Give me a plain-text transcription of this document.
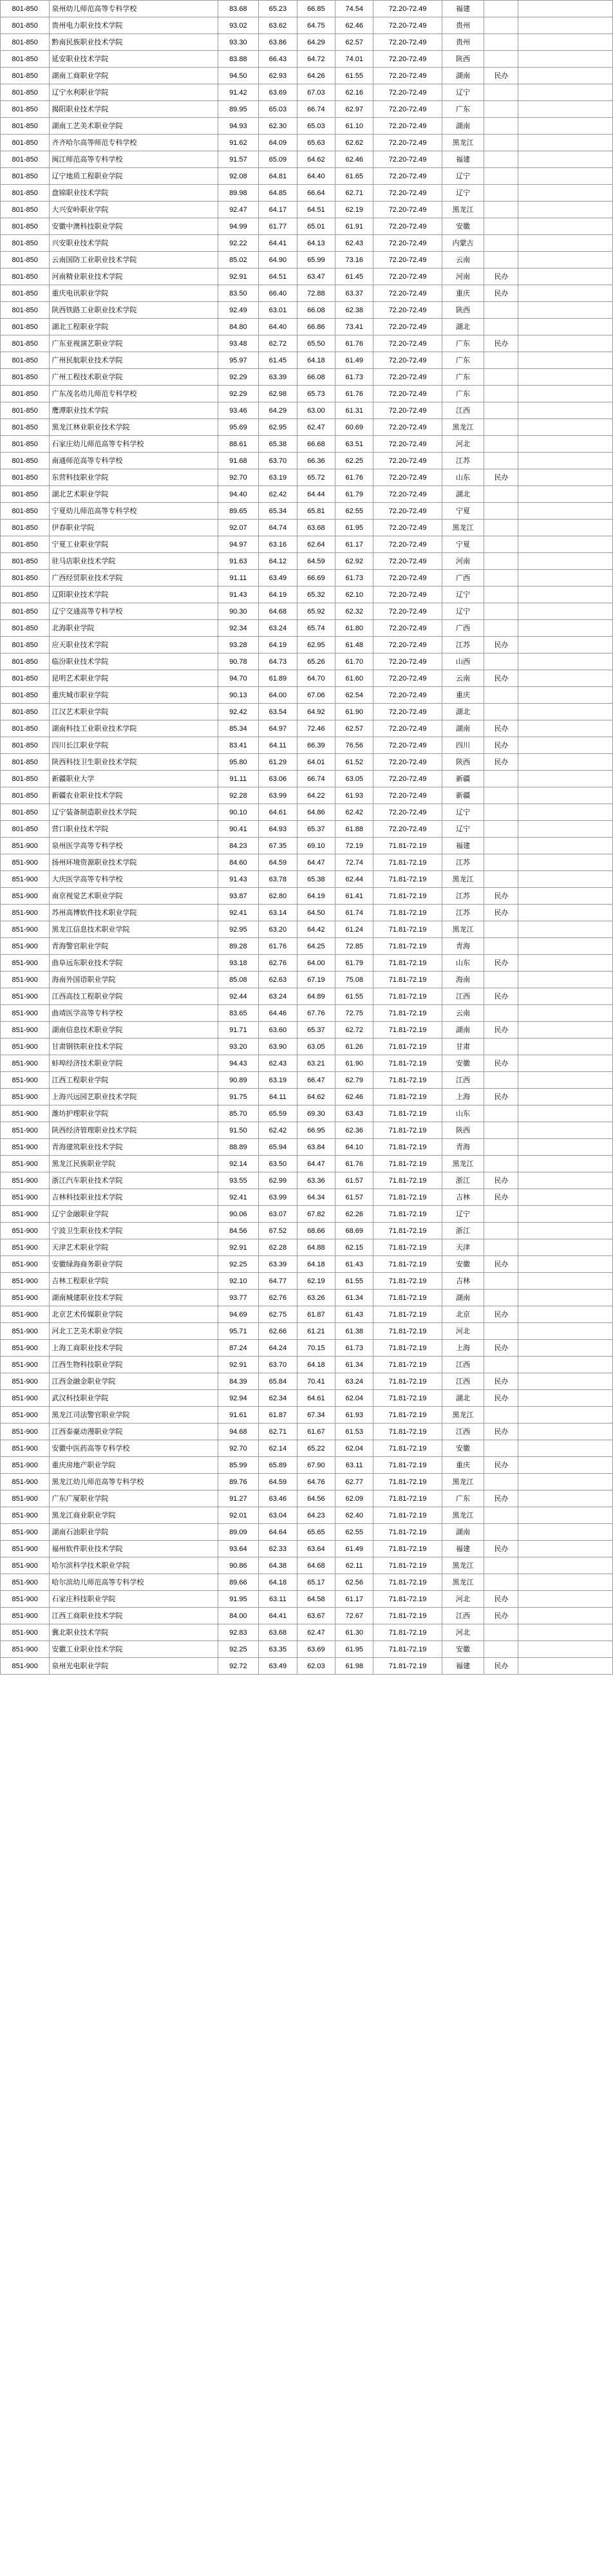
801-850	泉州幼儿师范高等专科学校	83.68	65.23	66.85	74.54	72.20-72.49	福建		
801-850	贵州电力职业技术学院	93.02	63.62	64.75	62.46	72.20-72.49	贵州		
801-850	黔南民族职业技术学院	93.30	63.86	64.29	62.57	72.20-72.49	贵州		
801-850	延安职业技术学院	83.88	66.43	64.72	74.01	72.20-72.49	陕西		
801-850	湖南工商职业学院	94.50	62.93	64.26	61.55	72.20-72.49	湖南	民办	
801-850	辽宁水利职业学院	91.42	63.69	67.03	62.16	72.20-72.49	辽宁		
801-850	揭阳职业技术学院	89.95	65.03	66.74	62.97	72.20-72.49	广东		
801-850	湖南工艺美术职业学院	94.93	62.30	65.03	61.10	72.20-72.49	湖南		
801-850	齐齐哈尔高等师范专科学校	91.62	64.09	65.63	62.62	72.20-72.49	黑龙江		
801-850	闽江师范高等专科学校	91.57	65.09	64.62	62.46	72.20-72.49	福建		
801-850	辽宁地质工程职业学院	92.08	64.81	64.40	61.65	72.20-72.49	辽宁		
801-850	盘锦职业技术学院	89.98	64.85	66.64	62.71	72.20-72.49	辽宁		
801-850	大兴安岭职业学院	92.47	64.17	64.51	62.19	72.20-72.49	黑龙江		
801-850	安徽中澳科技职业学院	94.99	61.77	65.01	61.91	72.20-72.49	安徽		
801-850	兴安职业技术学院	92.22	64.41	64.13	62.43	72.20-72.49	内蒙古		
801-850	云南国防工业职业技术学院	85.02	64.90	65.99	73.16	72.20-72.49	云南		
801-850	河南精业职业技术学院	92.91	64.51	63.47	61.45	72.20-72.49	河南	民办	
801-850	重庆电讯职业学院	83.50	66.40	72.88	63.37	72.20-72.49	重庆	民办	
801-850	陕西铁路工业职业技术学院	92.49	63.01	66.08	62.38	72.20-72.49	陕西		
801-850	湖北工程职业学院	84.80	64.40	66.86	73.41	72.20-72.49	湖北		
801-850	广东亚视演艺职业学院	93.48	62.72	65.50	61.76	72.20-72.49	广东	民办	
801-850	广州民航职业技术学院	95.97	61.45	64.18	61.49	72.20-72.49	广东		
801-850	广州工程技术职业学院	92.29	63.39	66.08	61.73	72.20-72.49	广东		
801-850	广东茂名幼儿师范专科学校	92.29	62.98	65.73	61.76	72.20-72.49	广东		
801-850	鹰潭职业技术学院	93.46	64.29	63.00	61.31	72.20-72.49	江西		
801-850	黑龙江林业职业技术学院	95.69	62.95	62.47	60.69	72.20-72.49	黑龙江		
801-850	石家庄幼儿师范高等专科学校	88.61	65.38	66.68	63.51	72.20-72.49	河北		
801-850	南通师范高等专科学校	91.68	63.70	66.36	62.25	72.20-72.49	江苏		
801-850	东营科技职业学院	92.70	63.19	65.72	61.76	72.20-72.49	山东	民办	
801-850	湖北艺术职业学院	94.40	62.42	64.44	61.79	72.20-72.49	湖北		
801-850	宁夏幼儿师范高等专科学校	89.65	65.34	65.81	62.55	72.20-72.49	宁夏		
801-850	伊春职业学院	92.07	64.74	63.68	61.95	72.20-72.49	黑龙江		
801-850	宁夏工业职业学院	94.97	63.16	62.64	61.17	72.20-72.49	宁夏		
801-850	驻马店职业技术学院	91.63	64.12	64.59	62.92	72.20-72.49	河南		
801-850	广西经贸职业技术学院	91.11	63.49	66.69	61.73	72.20-72.49	广西		
801-850	辽阳职业技术学院	91.43	64.19	65.32	62.10	72.20-72.49	辽宁		
801-850	辽宁交通高等专科学校	90.30	64.68	65.92	62.32	72.20-72.49	辽宁		
801-850	北海职业学院	92.34	63.24	65.74	61.80	72.20-72.49	广西		
801-850	应天职业技术学院	93.28	64.19	62.95	61.48	72.20-72.49	江苏	民办	
801-850	临汾职业技术学院	90.78	64.73	65.26	61.70	72.20-72.49	山西		
801-850	昆明艺术职业学院	94.70	61.89	64.70	61.60	72.20-72.49	云南	民办	
801-850	重庆城市职业学院	90.13	64.00	67.06	62.54	72.20-72.49	重庆		
801-850	江汉艺术职业学院	92.42	63.54	64.92	61.90	72.20-72.49	湖北		
801-850	湖南科技工业职业技术学院	85.34	64.97	72.46	62.57	72.20-72.49	湖南	民办	
801-850	四川长江职业学院	83.41	64.11	66.39	76.56	72.20-72.49	四川	民办	
801-850	陕西科技卫生职业技术学院	95.80	61.29	64.01	61.52	72.20-72.49	陕西	民办	
801-850	新疆职业大学	91.11	63.06	66.74	63.05	72.20-72.49	新疆		
801-850	新疆农业职业技术学院	92.28	63.99	64.22	61.93	72.20-72.49	新疆		
801-850	辽宁装备制造职业技术学院	90.10	64.61	64.86	62.42	72.20-72.49	辽宁		
801-850	营口职业技术学院	90.41	64.93	65.37	61.88	72.20-72.49	辽宁		
851-900	泉州医学高等专科学校	84.23	67.35	69.10	72.19	71.81-72.19	福建		
851-900	扬州环境资源职业技术学院	84.60	64.59	64.47	72.74	71.81-72.19	江苏		
851-900	大庆医学高等专科学校	91.43	63.78	65.38	62.44	71.81-72.19	黑龙江		
851-900	南京视觉艺术职业学院	93.87	62.80	64.19	61.41	71.81-72.19	江苏	民办	
851-900	苏州高博软件技术职业学院	92.41	63.14	64.50	61.74	71.81-72.19	江苏	民办	
851-900	黑龙江信息技术职业学院	92.95	63.20	64.42	61.24	71.81-72.19	黑龙江		
851-900	青海警官职业学院	89.28	61.76	64.25	72.85	71.81-72.19	青海		
851-900	曲阜远东职业技术学院	93.18	62.76	64.00	61.79	71.81-72.19	山东	民办	
851-900	海南外国语职业学院	85.08	62.63	67.19	75.08	71.81-72.19	海南		
851-900	江西高技工程职业学院	92.44	63.24	64.89	61.55	71.81-72.19	江西	民办	
851-900	曲靖医学高等专科学校	83.65	64.46	67.76	72.75	71.81-72.19	云南		
851-900	湖南信息技术职业学院	91.71	63.60	65.37	62.72	71.81-72.19	湖南	民办	
851-900	甘肃钢铁职业技术学院	93.20	63.90	63.05	61.26	71.81-72.19	甘肃		
851-900	蚌埠经济技术职业学院	94.43	62.43	63.21	61.90	71.81-72.19	安徽	民办	
851-900	江西工程职业学院	90.89	63.19	66.47	62.79	71.81-72.19	江西		
851-900	上海兴远园艺职业技术学院	91.75	64.11	64.62	62.46	71.81-72.19	上海	民办	
851-900	潍坊护理职业学院	85.70	65.59	69.30	63.43	71.81-72.19	山东		
851-900	陕西经济管理职业技术学院	91.50	62.42	66.95	62.36	71.81-72.19	陕西		
851-900	青海建筑职业技术学院	88.89	65.94	63.84	64.10	71.81-72.19	青海		
851-900	黑龙江民族职业学院	92.14	63.50	64.47	61.76	71.81-72.19	黑龙江		
851-900	浙江汽车职业技术学院	93.55	62.99	63.36	61.57	71.81-72.19	浙江	民办	
851-900	吉林科技职业技术学院	92.41	63.99	64.34	61.57	71.81-72.19	吉林	民办	
851-900	辽宁金融职业学院	90.06	63.07	67.82	62.26	71.81-72.19	辽宁		
851-900	宁波卫生职业技术学院	84.56	67.52	68.66	68.69	71.81-72.19	浙江		
851-900	天津艺术职业学院	92.91	62.28	64.88	62.15	71.81-72.19	天津		
851-900	安徽绿海商务职业学院	92.25	63.39	64.18	61.43	71.81-72.19	安徽	民办	
851-900	吉林工程职业学院	92.10	64.77	62.19	61.55	71.81-72.19	吉林		
851-900	湖南城建职业技术学院	93.77	62.76	63.26	61.34	71.81-72.19	湖南		
851-900	北京艺术传媒职业学院	94.69	62.75	61.87	61.43	71.81-72.19	北京	民办	
851-900	河北工艺美术职业学院	95.71	62.66	61.21	61.38	71.81-72.19	河北		
851-900	上海工商职业技术学院	87.24	64.24	70.15	61.73	71.81-72.19	上海	民办	
851-900	江西生物科技职业学院	92.91	63.70	64.18	61.34	71.81-72.19	江西		
851-900	江西金融金职业学院	84.39	65.84	70.41	63.24	71.81-72.19	江西	民办	
851-900	武汉科技职业学院	92.94	62.34	64.61	62.04	71.81-72.19	湖北	民办	
851-900	黑龙江司法警官职业学院	91.61	61.87	67.34	61.93	71.81-72.19	黑龙江		
851-900	江西泰豪动漫职业学院	94.68	62.71	61.67	61.53	71.81-72.19	江西	民办	
851-900	安徽中医药高等专科学校	92.70	62.14	65.22	62.04	71.81-72.19	安徽		
851-900	重庆房地产职业学院	85.99	65.89	67.90	63.11	71.81-72.19	重庆	民办	
851-900	黑龙江幼儿师范高等专科学校	89.76	64.59	64.76	62.77	71.81-72.19	黑龙江		
851-900	广东广厦职业学院	91.27	63.46	64.56	62.09	71.81-72.19	广东	民办	
851-900	黑龙江商业职业学院	92.01	63.04	64.23	62.40	71.81-72.19	黑龙江		
851-900	湖南石油职业学院	89.09	64.64	65.65	62.55	71.81-72.19	湖南		
851-900	福州软件职业技术学院	93.64	62.33	63.64	61.49	71.81-72.19	福建	民办	
851-900	哈尔滨科学技术职业学院	90.86	64.38	64.68	62.11	71.81-72.19	黑龙江		
851-900	哈尔滨幼儿师范高等专科学校	89.66	64.18	65.17	62.56	71.81-72.19	黑龙江		
851-900	石家庄科技职业学院	91.95	63.11	64.58	61.17	71.81-72.19	河北	民办	
851-900	江西工商职业技术学院	84.00	64.41	63.67	72.67	71.81-72.19	江西	民办	
851-900	冀北职业技术学院	92.83	63.68	62.47	61.30	71.81-72.19	河北		
851-900	安徽工业职业技术学院	92.25	63.35	63.69	61.95	71.81-72.19	安徽		
851-900	泉州光电职业学院	92.72	63.49	62.03	61.98	71.81-72.19	福建	民办	
